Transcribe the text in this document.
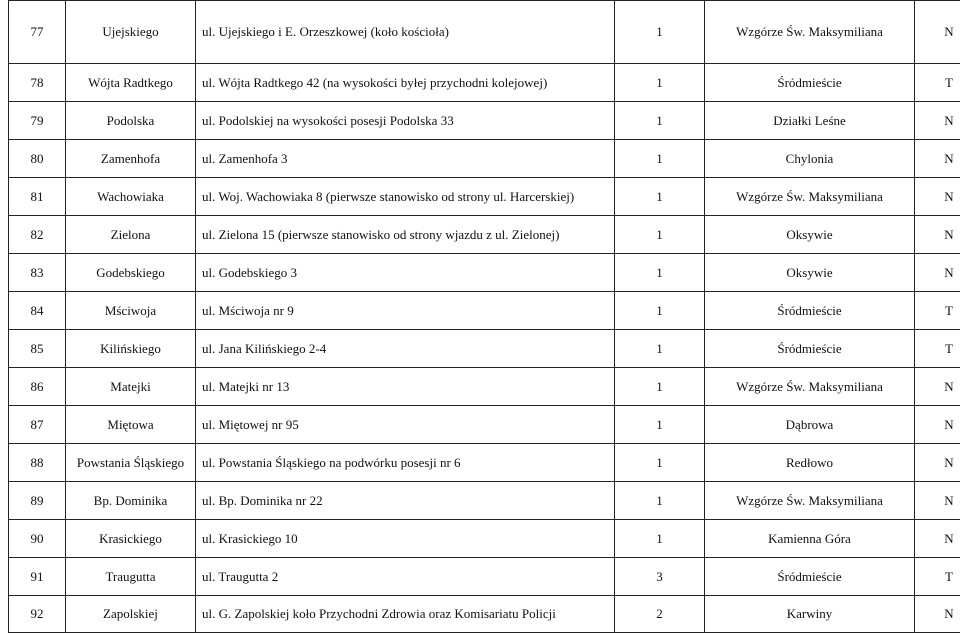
77	Ujejskiego	ul. Ujejskiego i E. Orzeszkowej (koło kościoła)	1	Wzgórze Św. Maksymiliana	N
78	Wójta Radtkego	ul. Wójta Radtkego 42 (na wysokości byłej przychodni kolejowej)	1	Śródmieście	T
79	Podolska	ul. Podolskiej na wysokości posesji Podolska 33	1	Działki Leśne	N
80	Zamenhofa	ul. Zamenhofa 3	1	Chylonia	N
81	Wachowiaka	ul. Woj. Wachowiaka 8 (pierwsze stanowisko od strony ul. Harcerskiej)	1	Wzgórze Św. Maksymiliana	N
82	Zielona	ul. Zielona 15 (pierwsze stanowisko od strony wjazdu z ul. Zielonej)	1	Oksywie	N
83	Godebskiego	ul. Godebskiego 3	1	Oksywie	N
84	Mściwoja	ul. Mściwoja nr 9	1	Śródmieście	T
85	Kilińskiego	ul. Jana Kilińskiego 2-4	1	Śródmieście	T
86	Matejki	ul. Matejki nr 13	1	Wzgórze Św. Maksymiliana	N
87	Miętowa	ul. Miętowej nr 95	1	Dąbrowa	N
88	Powstania Śląskiego	ul. Powstania Śląskiego na podwórku posesji nr 6	1	Redłowo	N
89	Bp. Dominika	ul. Bp. Dominika nr 22	1	Wzgórze Św. Maksymiliana	N
90	Krasickiego	ul. Krasickiego 10	1	Kamienna Góra	N
91	Traugutta	ul. Traugutta 2	3	Śródmieście	T
92	Zapolskiej	ul. G. Zapolskiej koło Przychodni Zdrowia oraz Komisariatu Policji	2	Karwiny	N
